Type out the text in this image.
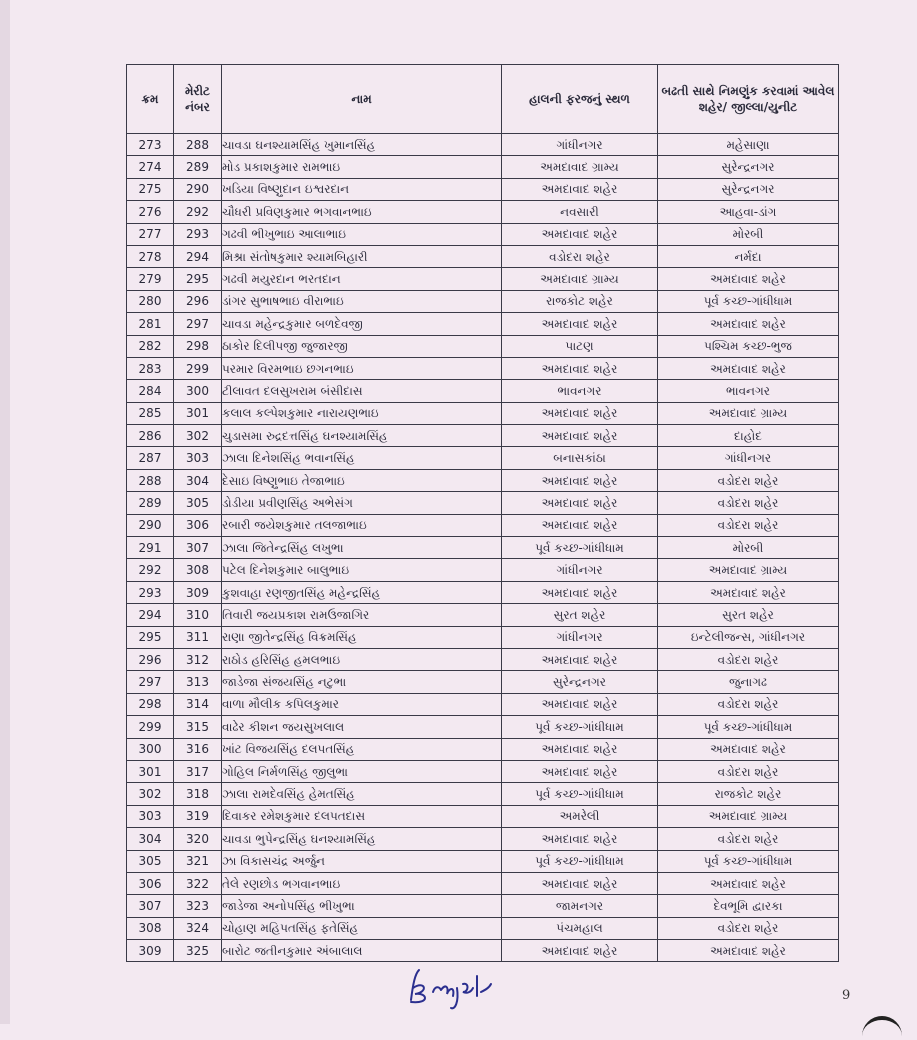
ક્રમ	મેરીટ નંબર	નામ	હાલની ફરજનું સ્થળ	બઢતી સાથે નિમણુંક કરવામાં આવેલ શહેર/ જીલ્લા/યુનીટ
273	288	ચાવડા ઘનશ્યામસિંહ ખુમાનસિંહ	ગાંધીનગર	મહેસાણા
274	289	મોડ પ્રકાશકુમાર રામભાઇ	અમદાવાદ ગ્રામ્ય	સુરેન્દ્રનગર
275	290	ખડિયા વિષ્ણુદાન ઇશ્વરદાન	અમદાવાદ શહેર	સુરેન્દ્રનગર
276	292	ચૌધરી પ્રવિણકુમાર ભગવાનભાઇ	નવસારી	આહવા-ડાંગ
277	293	ગઢવી ભીખુભાઇ આલાભાઇ	અમદાવાદ શહેર	મોરબી
278	294	મિશ્રા સંતોષકુમાર શ્યામબિહારી	વડોદરા શહેર	નર્મદા
279	295	ગઢવી મયુરદાન ભરતદાન	અમદાવાદ ગ્રામ્ય	અમદાવાદ શહેર
280	296	ડાંગર સુભાષભાઇ વીરાભાઇ	રાજકોટ શહેર	પૂર્વ કચ્છ-ગાંધીધામ
281	297	ચાવડા મહેન્દ્રકુમાર બળદેવજી	અમદાવાદ શહેર	અમદાવાદ શહેર
282	298	ઠાકોર દિલીપજી જુજારજી	પાટણ	પશ્ચિમ કચ્છ-ભુજ
283	299	પરમાર વિરમભાઇ છગનભાઇ	અમદાવાદ શહેર	અમદાવાદ શહેર
284	300	ટીલાવત દલસુખરામ બંસીદાસ	ભાવનગર	ભાવનગર
285	301	કલાલ કલ્પેશકુમાર નારાયણભાઇ	અમદાવાદ શહેર	અમદાવાદ ગ્રામ્ય
286	302	ચુડાસમા રુદ્રદત્તસિંહ ઘનશ્યામસિંહ	અમદાવાદ શહેર	દાહોદ
287	303	ઝાલા દિનેશસિંહ ભવાનસિંહ	બનાસકાંઠા	ગાંધીનગર
288	304	દેસાઇ વિષ્ણુભાઇ તેજાભાઇ	અમદાવાદ શહેર	વડોદરા શહેર
289	305	ડોડીયા પ્રવીણસિંહ અભેસંગ	અમદાવાદ શહેર	વડોદરા શહેર
290	306	રબારી જયેશકુમાર તલજાભાઇ	અમદાવાદ શહેર	વડોદરા શહેર
291	307	ઝાલા જિતેન્દ્રસિંહ લખુભા	પૂર્વ કચ્છ-ગાંધીધામ	મોરબી
292	308	પટેલ દિનેશકુમાર બાલુભાઇ	ગાંધીનગર	અમદાવાદ ગ્રામ્ય
293	309	કુશવાહા રણજીતસિંહ મહેન્દ્રસિંહ	અમદાવાદ શહેર	અમદાવાદ શહેર
294	310	તિવારી જયપ્રકાશ રામઉજાગિર	સુરત શહેર	સુરત શહેર
295	311	રાણા જીતેન્દ્રસિંહ વિક્રમસિંહ	ગાંધીનગર	ઇન્ટેલીજન્સ, ગાંધીનગર
296	312	રાઠોડ હરિસિંહ હમલભાઇ	અમદાવાદ શહેર	વડોદરા શહેર
297	313	જાડેજા સંજયસિંહ નટુભા	સુરેન્દ્રનગર	જુનાગઢ
298	314	વાળા મૌલીક કપિલકુમાર	અમદાવાદ શહેર	વડોદરા શહેર
299	315	વાઢેર કીશન જયસુખલાલ	પૂર્વ કચ્છ-ગાંધીધામ	પૂર્વ કચ્છ-ગાંધીધામ
300	316	ખાંટ વિજયસિંહ દલપતસિંહ	અમદાવાદ શહેર	અમદાવાદ શહેર
301	317	ગોહિલ નિર્મળસિંહ જીલુભા	અમદાવાદ શહેર	વડોદરા શહેર
302	318	ઝાલા રામદેવસિંહ હેમતસિંહ	પૂર્વ કચ્છ-ગાંધીધામ	રાજકોટ શહેર
303	319	દિવાકર રમેશકુમાર દલપતદાસ	અમરેલી	અમદાવાદ ગ્રામ્ય
304	320	ચાવડા ભુપેન્દ્રસિંહ ઘનશ્યામસિંહ	અમદાવાદ શહેર	વડોદરા શહેર
305	321	ઝા વિકાસચંદ્ર અર્જુન	પૂર્વ કચ્છ-ગાંધીધામ	પૂર્વ કચ્છ-ગાંધીધામ
306	322	તેલે રણછોડ ભગવાનભાઇ	અમદાવાદ શહેર	અમદાવાદ શહેર
307	323	જાડેજા અનોપસિંહ ભીખુભા	જામનગર	દેવભૂમિ દ્વારકા
308	324	ચોહાણ મહિપતસિંહ ફતેસિંહ	પંચમહાલ	વડોદરા શહેર
309	325	બારોટ જતીનકુમાર અંબાલાલ	અમદાવાદ શહેર	અમદાવાદ શહેર
9
